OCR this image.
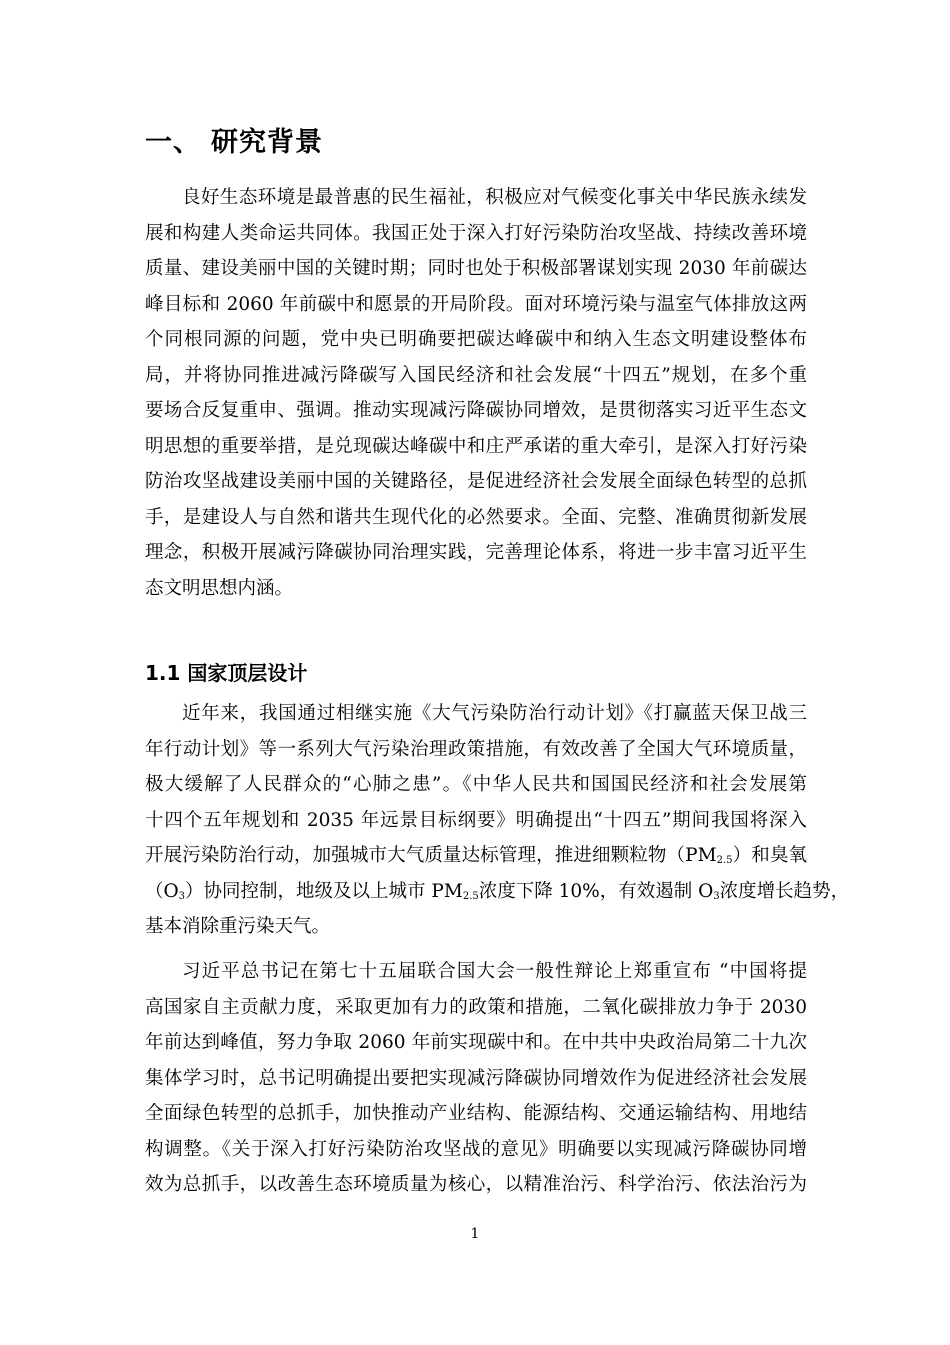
一、 研究背景
良好生态环境是最普惠的民生福祉，积极应对气候变化事关中华民族永续发
展和构建人类命运共同体。我国正处于深入打好污染防治攻坚战、持续改善环境
质量、建设美丽中国的关键时期；同时也处于积极部署谋划实现 2030 年前碳达
峰目标和 2060 年前碳中和愿景的开局阶段。面对环境污染与温室气体排放这两
个同根同源的问题，党中央已明确要把碳达峰碳中和纳入生态文明建设整体布
局，并将协同推进减污降碳写入国民经济和社会发展“十四五”规划，在多个重
要场合反复重申、强调。推动实现减污降碳协同增效，是贯彻落实习近平生态文
明思想的重要举措，是兑现碳达峰碳中和庄严承诺的重大牵引，是深入打好污染
防治攻坚战建设美丽中国的关键路径，是促进经济社会发展全面绿色转型的总抓
手，是建设人与自然和谐共生现代化的必然要求。全面、完整、准确贯彻新发展
理念，积极开展减污降碳协同治理实践，完善理论体系，将进一步丰富习近平生
态文明思想内涵。
1.1 国家顶层设计
近年来，我国通过相继实施《大气污染防治行动计划》《打赢蓝天保卫战三
年行动计划》等一系列大气污染治理政策措施，有效改善了全国大气环境质量，
极大缓解了人民群众的“心肺之患”。《中华人民共和国国民经济和社会发展第
十四个五年规划和 2035 年远景目标纲要》明确提出“十四五”期间我国将深入
开展污染防治行动，加强城市大气质量达标管理，推进细颗粒物$(PM_{2.5})$和臭氧
$(O_3)$协同控制，地级及以上城市 $PM_{2.5}$浓度下降 10%，有效遏制 $O_3$浓度增长趋势，
基本消除重污染天气。
习近平总书记在第七十五届联合国大会一般性辩论上郑重宣布 “中国将提
高国家自主贡献力度，采取更加有力的政策和措施，二氧化碳排放力争于 2030
年前达到峰值，努力争取 2060 年前实现碳中和。在中共中央政治局第二十九次
集体学习时，总书记明确提出要把实现减污降碳协同增效作为促进经济社会发展
全面绿色转型的总抓手，加快推动产业结构、能源结构、交通运输结构、用地结
构调整。《关于深入打好污染防治攻坚战的意见》明确要以实现减污降碳协同增
效为总抓手，以改善生态环境质量为核心，以精准治污、科学治污、依法治污为
1
